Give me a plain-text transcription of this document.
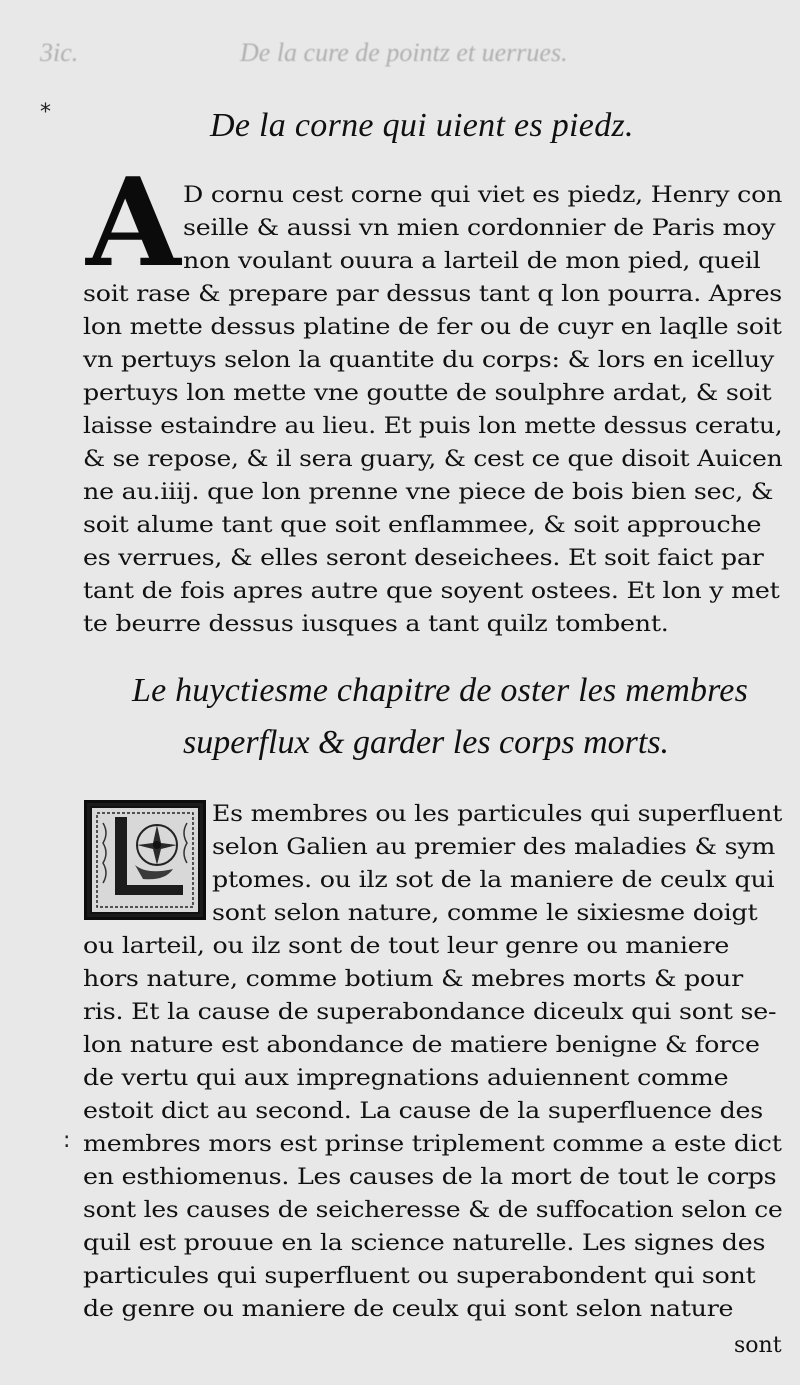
3ic.	De la cure de pointz et uerrues.
*
:
De la corne qui uient es piedz.
A D cornu cest corne qui viet es piedz, Henry con
seille & aussi vn mien cordonnier de Paris moy
non voulant ouura a larteil de mon pied, queil
soit rase & prepare par dessus tant q lon pourra. Apres
lon mette dessus platine de fer ou de cuyr en laqlle soit
vn pertuys selon la quantite du corps: & lors en icelluy
pertuys lon mette vne goutte de soulphre ardat, & soit
laisse estaindre au lieu. Et puis lon mette dessus ceratu,
& se repose, & il sera guary, & cest ce que disoit Auicen
ne au.iiij. que lon prenne vne piece de bois bien sec, &
soit alume tant que soit enflammee, & soit approuche
es verrues, & elles seront deseichees. Et soit faict par
tant de fois apres autre que soyent ostees. Et lon y met
te beurre dessus iusques a tant quilz tombent.
Le huyctiesme chapitre de oster les membres
superflux & garder les corps morts.
Es membres ou les particules qui superfluent
selon Galien au premier des maladies & sym
ptomes. ou ilz sot de la maniere de ceulx qui
sont selon nature, comme le sixiesme doigt
ou larteil, ou ilz sont de tout leur genre ou maniere
hors nature, comme botium & mebres morts & pour
ris. Et la cause de superabondance diceulx qui sont se-
lon nature est abondance de matiere benigne & force
de vertu qui aux impregnations aduiennent comme
estoit dict au second. La cause de la superfluence des
membres mors est prinse triplement comme a este dict
en esthiomenus. Les causes de la mort de tout le corps
sont les causes de seicheresse & de suffocation selon ce
quil est prouue en la science naturelle. Les signes des
particules qui superfluent ou superabondent qui sont
de genre ou maniere de ceulx qui sont selon nature
sont
